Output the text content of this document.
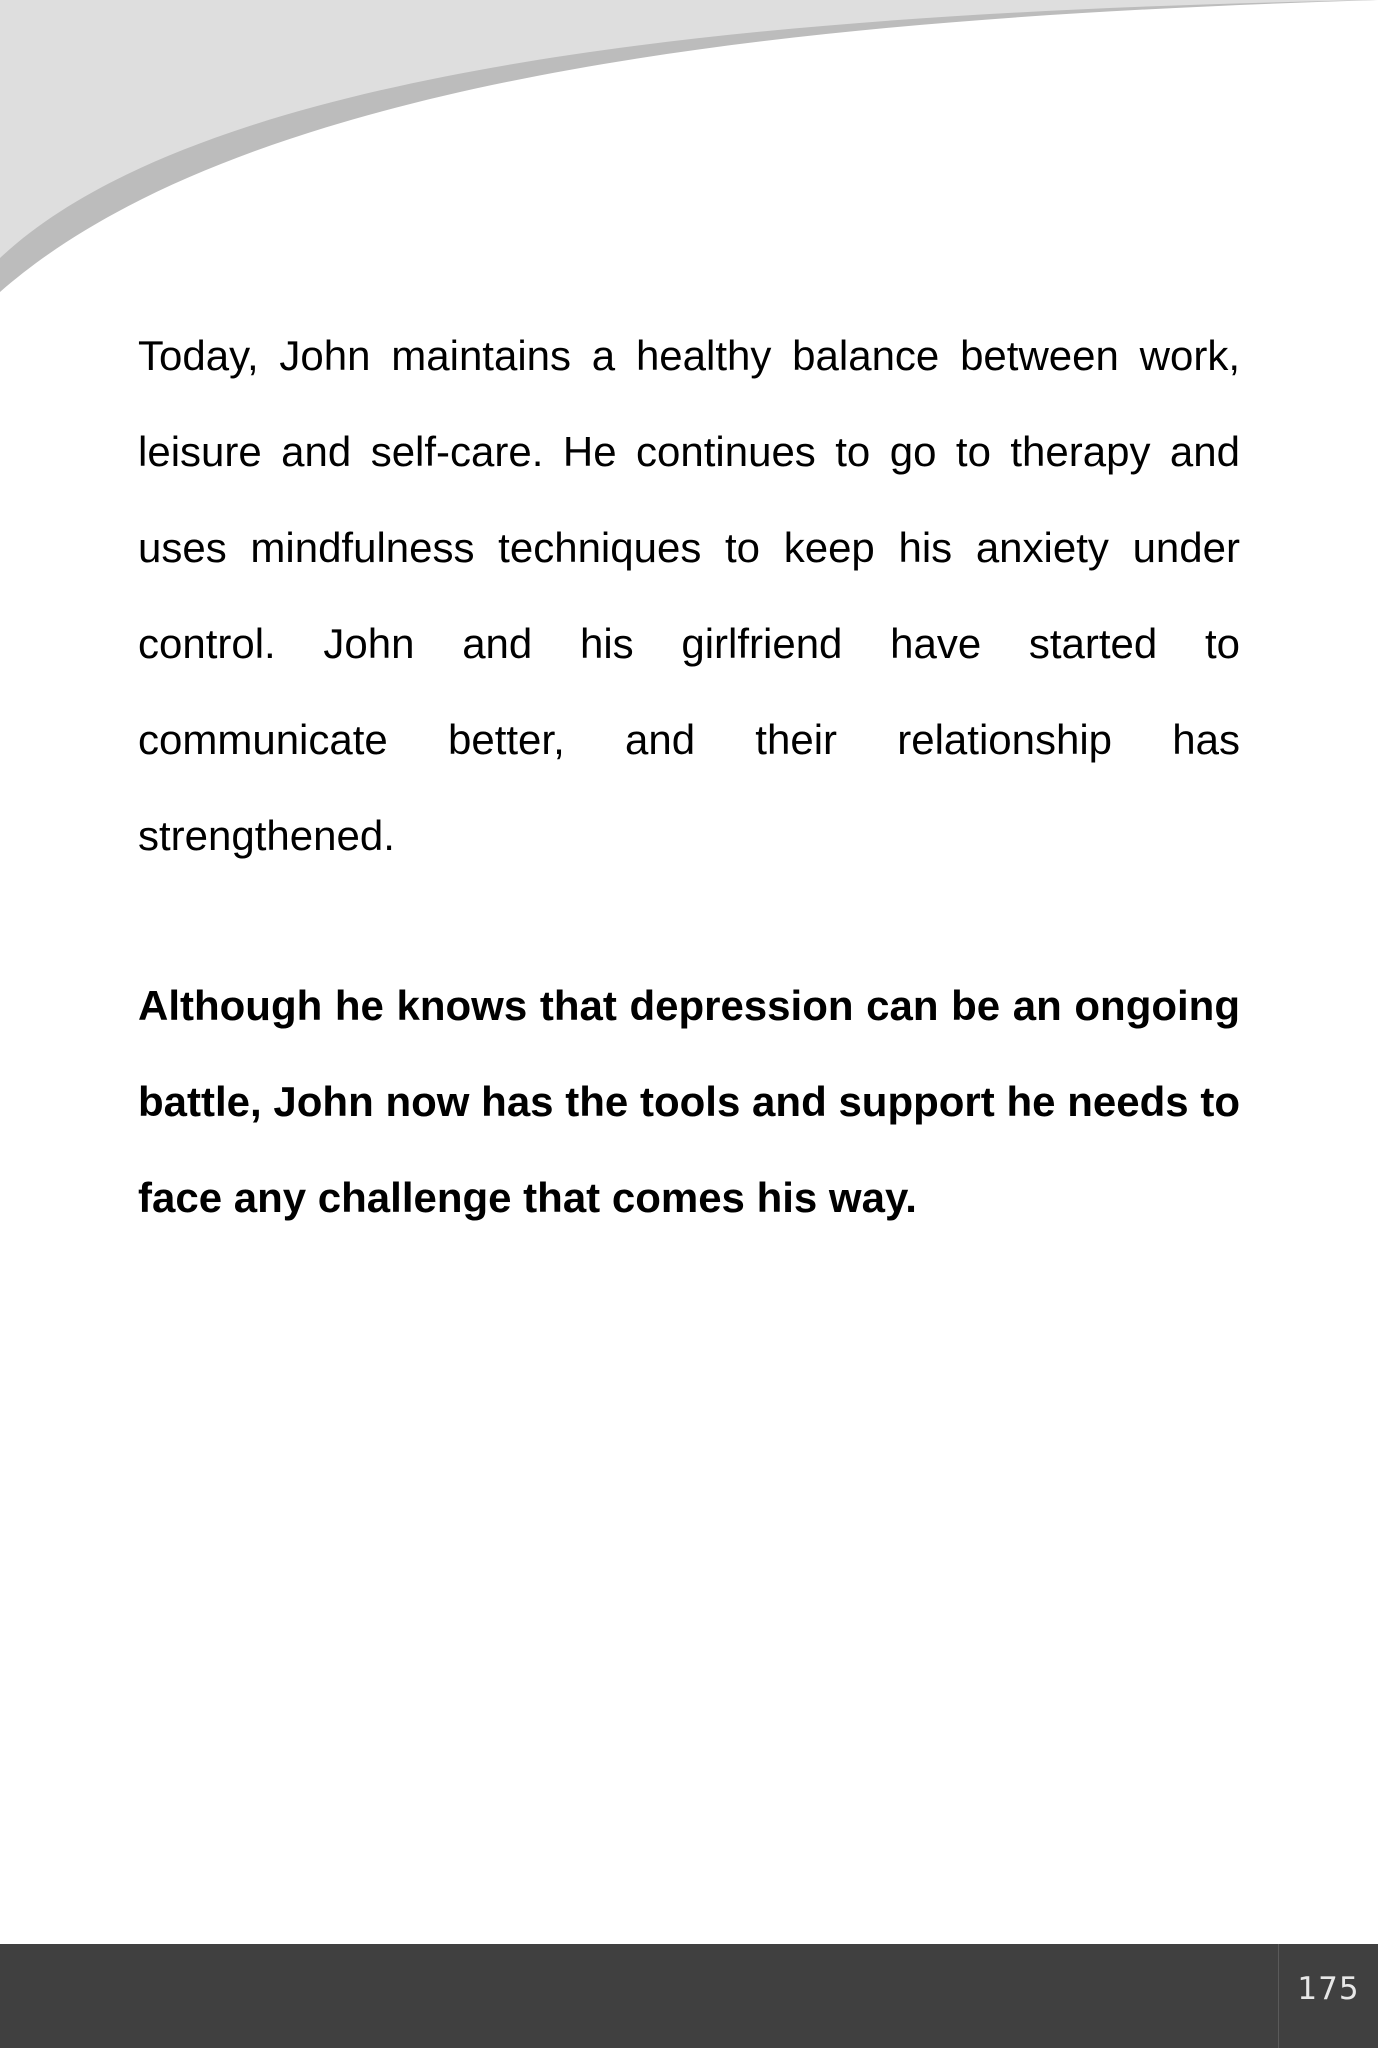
Today, John maintains a healthy balance between work, leisure and self-care. He continues to go to therapy and uses mindfulness techniques to keep his anxiety under control. John and his girlfriend have started to communicate better, and their relationship has strengthened.

Although he knows that depression can be an ongoing battle, John now has the tools and support he needs to face any challenge that comes his way.

175
